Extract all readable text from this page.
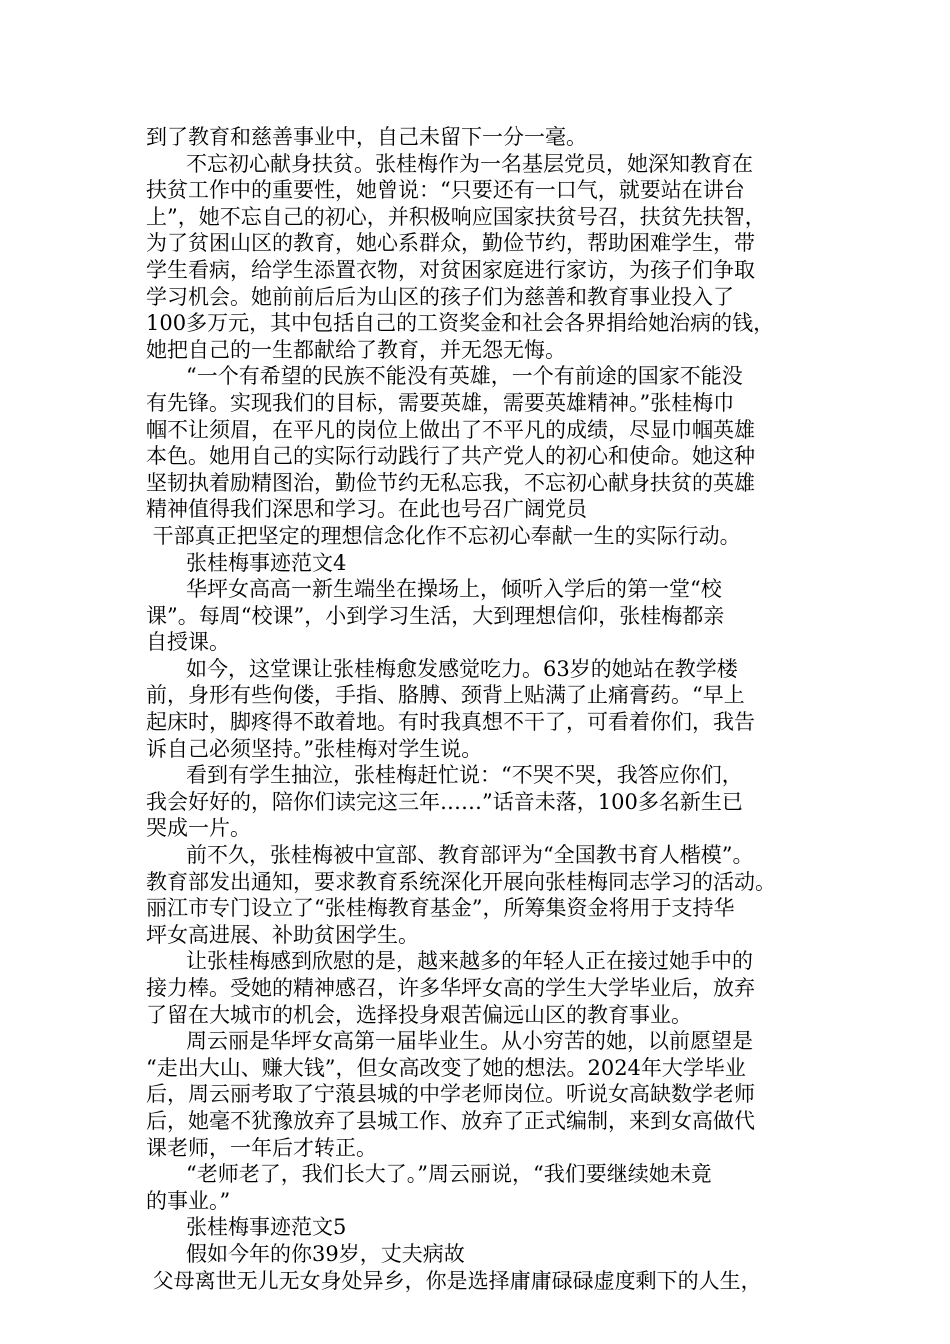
到了教育和慈善事业中，自己未留下一分一毫。
不忘初心献身扶贫。张桂梅作为一名基层党员，她深知教育在
扶贫工作中的重要性，她曾说：“只要还有一口气，就要站在讲台
上”，她不忘自己的初心，并积极响应国家扶贫号召，扶贫先扶智，
为了贫困山区的教育，她心系群众，勤俭节约，帮助困难学生，带
学生看病，给学生添置衣物，对贫困家庭进行家访，为孩子们争取
学习机会。她前前后后为山区的孩子们为慈善和教育事业投入了
100多万元，其中包括自己的工资奖金和社会各界捐给她治病的钱，
她把自己的一生都献给了教育，并无怨无悔。
“一个有希望的民族不能没有英雄，一个有前途的国家不能没
有先锋。实现我们的目标，需要英雄，需要英雄精神。”张桂梅巾
帼不让须眉，在平凡的岗位上做出了不平凡的成绩，尽显巾帼英雄
本色。她用自己的实际行动践行了共产党人的初心和使命。她这种
坚韧执着励精图治，勤俭节约无私忘我，不忘初心献身扶贫的英雄
精神值得我们深思和学习。在此也号召广阔党员
干部真正把坚定的理想信念化作不忘初心奉献一生的实际行动。
张桂梅事迹范文4
华坪女高高一新生端坐在操场上，倾听入学后的第一堂“校
课”。每周“校课”，小到学习生活，大到理想信仰，张桂梅都亲
自授课。
如今，这堂课让张桂梅愈发感觉吃力。63岁的她站在教学楼
前，身形有些佝偻，手指、胳膊、颈背上贴满了止痛膏药。“早上
起床时，脚疼得不敢着地。有时我真想不干了，可看着你们，我告
诉自己必须坚持。”张桂梅对学生说。
看到有学生抽泣，张桂梅赶忙说：“不哭不哭，我答应你们，
我会好好的，陪你们读完这三年……”话音未落，100多名新生已
哭成一片。
前不久，张桂梅被中宣部、教育部评为“全国教书育人楷模”。
教育部发出通知，要求教育系统深化开展向张桂梅同志学习的活动。
丽江市专门设立了“张桂梅教育基金”，所筹集资金将用于支持华
坪女高进展、补助贫困学生。
让张桂梅感到欣慰的是，越来越多的年轻人正在接过她手中的
接力棒。受她的精神感召，许多华坪女高的学生大学毕业后，放弃
了留在大城市的机会，选择投身艰苦偏远山区的教育事业。
周云丽是华坪女高第一届毕业生。从小穷苦的她，以前愿望是
“走出大山、赚大钱”，但女高改变了她的想法。2024年大学毕业
后，周云丽考取了宁蒗县城的中学老师岗位。听说女高缺数学老师
后，她毫不犹豫放弃了县城工作、放弃了正式编制，来到女高做代
课老师，一年后才转正。
“老师老了，我们长大了。”周云丽说，“我们要继续她未竟
的事业。”
张桂梅事迹范文5
假如今年的你39岁，丈夫病故
父母离世无儿无女身处异乡，你是选择庸庸碌碌虚度剩下的人生，
